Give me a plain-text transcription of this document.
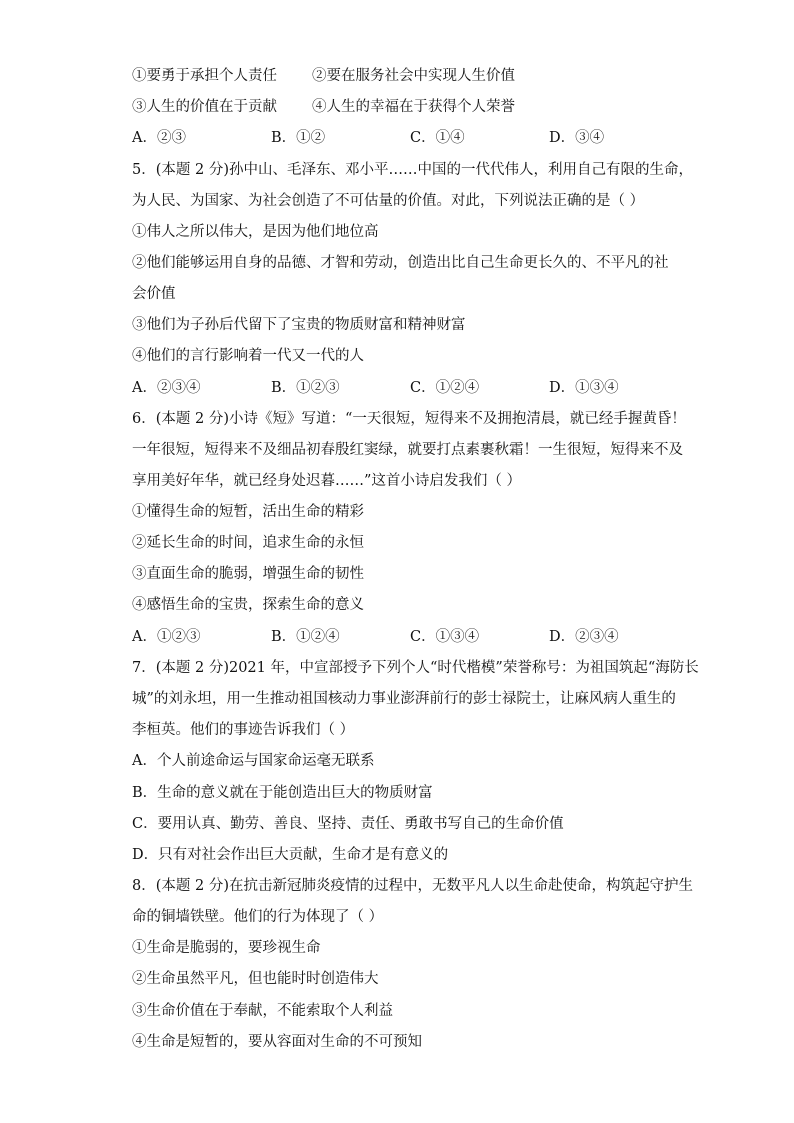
①要勇于承担个人责任 ②要在服务社会中实现人生价值
③人生的价值在于贡献 ④人生的幸福在于获得个人荣誉
A．②③	B．①②	C．①④	D．③④
5．(本题 2 分)孙中山、毛泽东、邓小平……中国的一代代伟人，利用自己有限的生命，
为人民、为国家、为社会创造了不可估量的价值。对此，下列说法正确的是（ ）
①伟人之所以伟大，是因为他们地位高
②他们能够运用自身的品德、才智和劳动，创造出比自己生命更长久的、不平凡的社
会价值
③他们为子孙后代留下了宝贵的物质财富和精神财富
④他们的言行影响着一代又一代的人
A．②③④	B．①②③	C．①②④	D．①③④
6．(本题 2 分)小诗《短》写道：“一天很短，短得来不及拥抱清晨，就已经手握黄昏！
一年很短，短得来不及细品初春殷红窦绿，就要打点素裹秋霜！一生很短，短得来不及
享用美好年华，就已经身处迟暮……”这首小诗启发我们（ ）
①懂得生命的短暂，活出生命的精彩
②延长生命的时间，追求生命的永恒
③直面生命的脆弱，增强生命的韧性
④感悟生命的宝贵，探索生命的意义
A．①②③	B．①②④	C．①③④	D．②③④
7．(本题 2 分)2021 年，中宣部授予下列个人“时代楷模”荣誉称号：为祖国筑起“海防长
城”的刘永坦，用一生推动祖国核动力事业澎湃前行的彭士禄院士，让麻风病人重生的
李桓英。他们的事迹告诉我们（ ）
A．个人前途命运与国家命运毫无联系
B．生命的意义就在于能创造出巨大的物质财富
C．要用认真、勤劳、善良、坚持、责任、勇敢书写自己的生命价值
D．只有对社会作出巨大贡献，生命才是有意义的
8．(本题 2 分)在抗击新冠肺炎疫情的过程中，无数平凡人以生命赴使命，构筑起守护生
命的铜墙铁壁。他们的行为体现了（ ）
①生命是脆弱的，要珍视生命
②生命虽然平凡，但也能时时创造伟大
③生命价值在于奉献，不能索取个人利益
④生命是短暂的，要从容面对生命的不可预知
